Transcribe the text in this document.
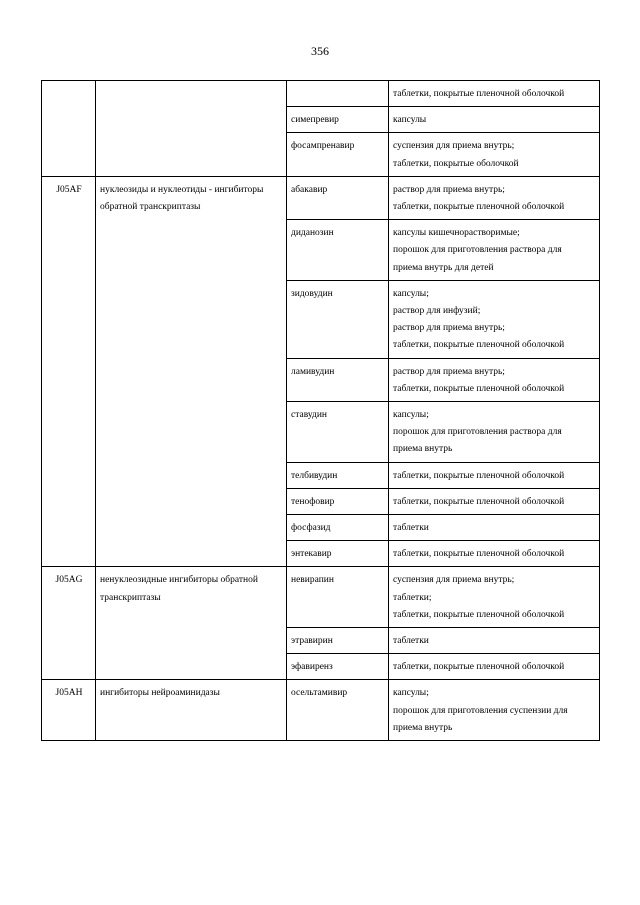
356

			таблетки, покрытые пленочной оболочкой

		симепревир	капсулы

		фосампренавир	суспензия для приема внутрь;
таблетки, покрытые оболочкой

J05AF	нуклеозиды и нуклеотиды - ингибиторы обратной транскриптазы	абакавир	раствор для приема внутрь;
таблетки, покрытые пленочной оболочкой

		диданозин	капсулы кишечнорастворимые;
порошок для приготовления раствора для
приема внутрь для детей

		зидовудин	капсулы;
раствор для инфузий;
раствор для приема внутрь;
таблетки, покрытые пленочной оболочкой

		ламивудин	раствор для приема внутрь;
таблетки, покрытые пленочной оболочкой

		ставудин	капсулы;
порошок для приготовления раствора для
приема внутрь

		телбивудин	таблетки, покрытые пленочной оболочкой

		тенофовир	таблетки, покрытые пленочной оболочкой

		фосфазид	таблетки

		энтекавир	таблетки, покрытые пленочной оболочкой

J05AG	ненуклеозидные ингибиторы обратной транскриптазы	невирапин	суспензия для приема внутрь;
таблетки;
таблетки, покрытые пленочной оболочкой

		этравирин	таблетки

		эфавиренз	таблетки, покрытые пленочной оболочкой

J05AH	ингибиторы нейроаминидазы	осельтамивир	капсулы;
порошок для приготовления суспензии для
приема внутрь
